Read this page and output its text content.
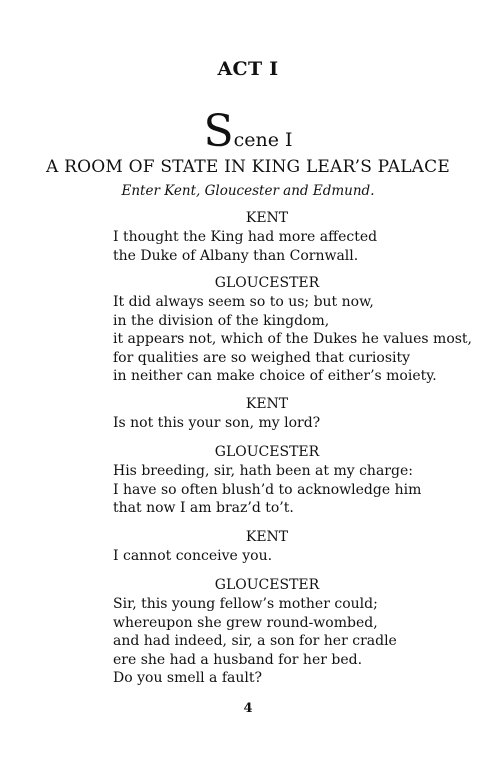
ACT I
Scene I
A ROOM OF STATE IN KING LEAR’S PALACE
Enter Kent, Gloucester and Edmund.
KENT
I thought the King had more affected
the Duke of Albany than Cornwall.
GLOUCESTER
It did always seem so to us; but now,
in the division of the kingdom,
it appears not, which of the Dukes he values most,
for qualities are so weighed that curiosity
in neither can make choice of either’s moiety.
KENT
Is not this your son, my lord?
GLOUCESTER
His breeding, sir, hath been at my charge:
I have so often blush’d to acknowledge him
that now I am braz’d to’t.
KENT
I cannot conceive you.
GLOUCESTER
Sir, this young fellow’s mother could;
whereupon she grew round-wombed,
and had indeed, sir, a son for her cradle
ere she had a husband for her bed.
Do you smell a fault?
4
